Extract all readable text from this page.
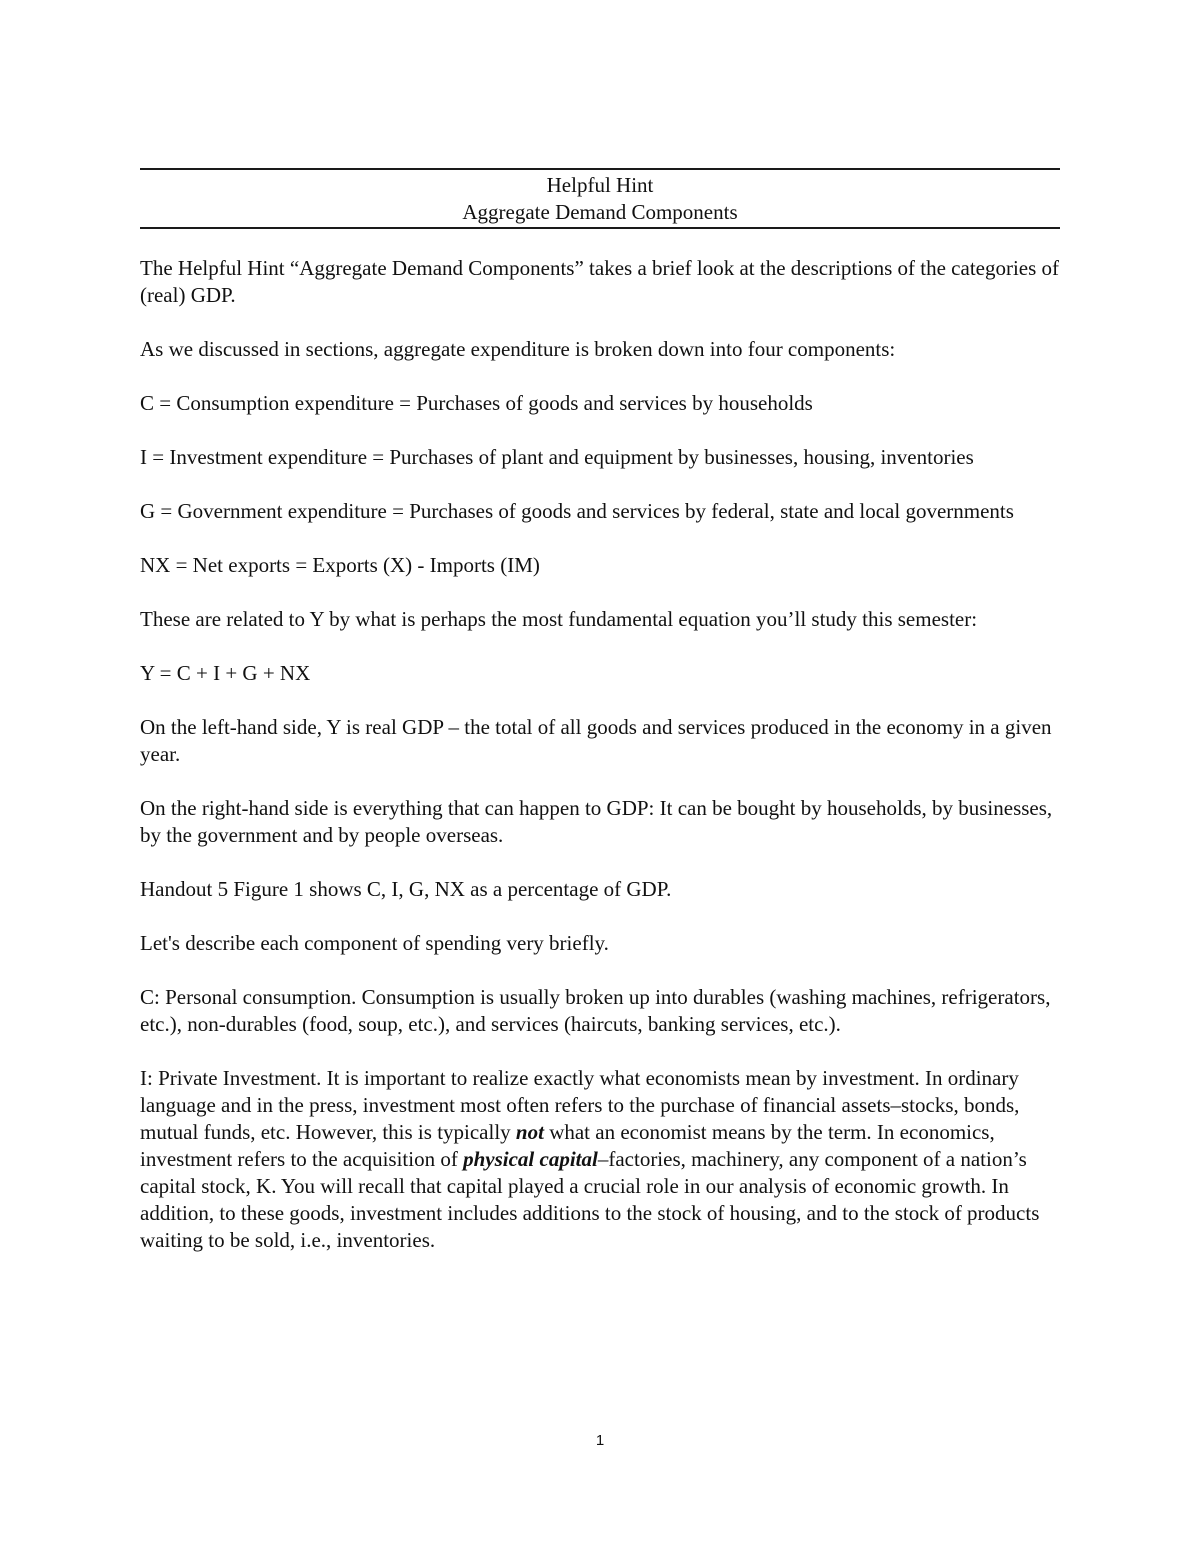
Helpful Hint
Aggregate Demand Components

The Helpful Hint “Aggregate Demand Components” takes a brief look at the descriptions of the categories of (real) GDP.

As we discussed in sections, aggregate expenditure is broken down into four components:

C = Consumption expenditure = Purchases of goods and services by households

I = Investment expenditure = Purchases of plant and equipment by businesses, housing, inventories

G = Government expenditure = Purchases of goods and services by federal, state and local governments

NX = Net exports = Exports (X) - Imports (IM)

These are related to Y by what is perhaps the most fundamental equation you’ll study this semester:

Y = C + I + G + NX

On the left-hand side, Y is real GDP – the total of all goods and services produced in the economy in a given year.

On the right-hand side is everything that can happen to GDP: It can be bought by households, by businesses, by the government and by people overseas.

Handout 5 Figure 1 shows C, I, G, NX as a percentage of GDP.

Let's describe each component of spending very briefly.

C: Personal consumption. Consumption is usually broken up into durables (washing machines, refrigerators, etc.), non-durables (food, soup, etc.), and services (haircuts, banking services, etc.).

I: Private Investment. It is important to realize exactly what economists mean by investment. In ordinary language and in the press, investment most often refers to the purchase of financial assets–stocks, bonds, mutual funds, etc. However, this is typically not what an economist means by the term. In economics, investment refers to the acquisition of physical capital–factories, machinery, any component of a nation’s capital stock, K. You will recall that capital played a crucial role in our analysis of economic growth. In addition, to these goods, investment includes additions to the stock of housing, and to the stock of products waiting to be sold, i.e., inventories.

1
